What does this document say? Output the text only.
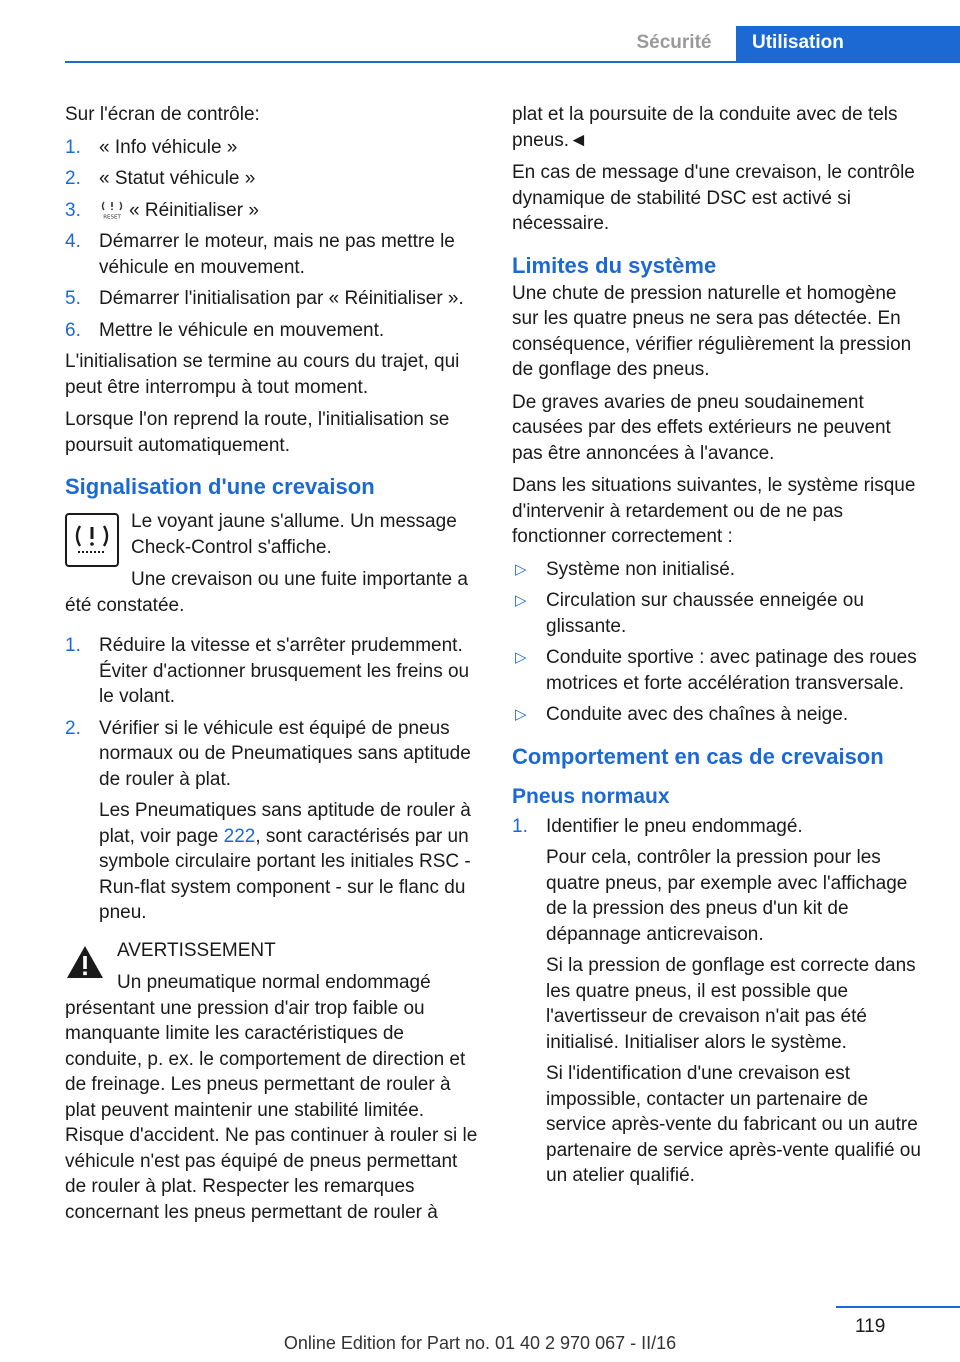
Sécurité	Utilisation

Sur l'écran de contrôle:

1. « Info véhicule »
2. « Statut véhicule »
3.	RESET « Réinitialiser »
4. Démarrer le moteur, mais ne pas mettre le véhicule en mouvement.
5. Démarrer l'initialisation par « Réinitialiser ».
6. Mettre le véhicule en mouvement.

L'initialisation se termine au cours du trajet, qui peut être interrompu à tout moment.

Lorsque l'on reprend la route, l'initialisation se poursuit automatiquement.

Signalisation d'une crevaison

Le voyant jaune s'allume. Un message Check-Control s'affiche.

Une crevaison ou une fuite importante a été constatée.

1. Réduire la vitesse et s'arrêter prudemment. Éviter d'actionner brusquement les freins ou le volant.
2. Vérifier si le véhicule est équipé de pneus normaux ou de Pneumatiques sans aptitude de rouler à plat.
Les Pneumatiques sans aptitude de rouler à plat, voir page 222, sont caractérisés par un symbole circulaire portant les initiales RSC - Run-flat system component - sur le flanc du pneu.

AVERTISSEMENT

Un pneumatique normal endommagé présentant une pression d'air trop faible ou manquante limite les caractéristiques de conduite, p. ex. le comportement de direction et de freinage. Les pneus permettant de rouler à plat peuvent maintenir une stabilité limitée. Risque d'accident. Ne pas continuer à rouler si le véhicule n'est pas équipé de pneus permettant de rouler à plat. Respecter les remarques concernant les pneus permettant de rouler à

plat et la poursuite de la conduite avec de tels pneus.◄

En cas de message d'une crevaison, le contrôle dynamique de stabilité DSC est activé si nécessaire.

Limites du système

Une chute de pression naturelle et homogène sur les quatre pneus ne sera pas détectée. En conséquence, vérifier régulièrement la pression de gonflage des pneus.

De graves avaries de pneu soudainement causées par des effets extérieurs ne peuvent pas être annoncées à l'avance.

Dans les situations suivantes, le système risque d'intervenir à retardement ou de ne pas fonctionner correctement :

▷ Système non initialisé.
▷ Circulation sur chaussée enneigée ou glissante.
▷ Conduite sportive : avec patinage des roues motrices et forte accélération transversale.
▷ Conduite avec des chaînes à neige.
Comportement en cas de crevaison
Pneus normaux
1. Identifier le pneu endommagé.
Pour cela, contrôler la pression pour les quatre pneus, par exemple avec l'affichage de la pression des pneus d'un kit de dépannage anticrevaison.
Si la pression de gonflage est correcte dans les quatre pneus, il est possible que l'avertisseur de crevaison n'ait pas été initialisé. Initialiser alors le système.
Si l'identification d'une crevaison est impossible, contacter un partenaire de service après-vente du fabricant ou un autre partenaire de service après-vente qualifié ou un atelier qualifié.
119
Online Edition for Part no. 01 40 2 970 067 - II/16
